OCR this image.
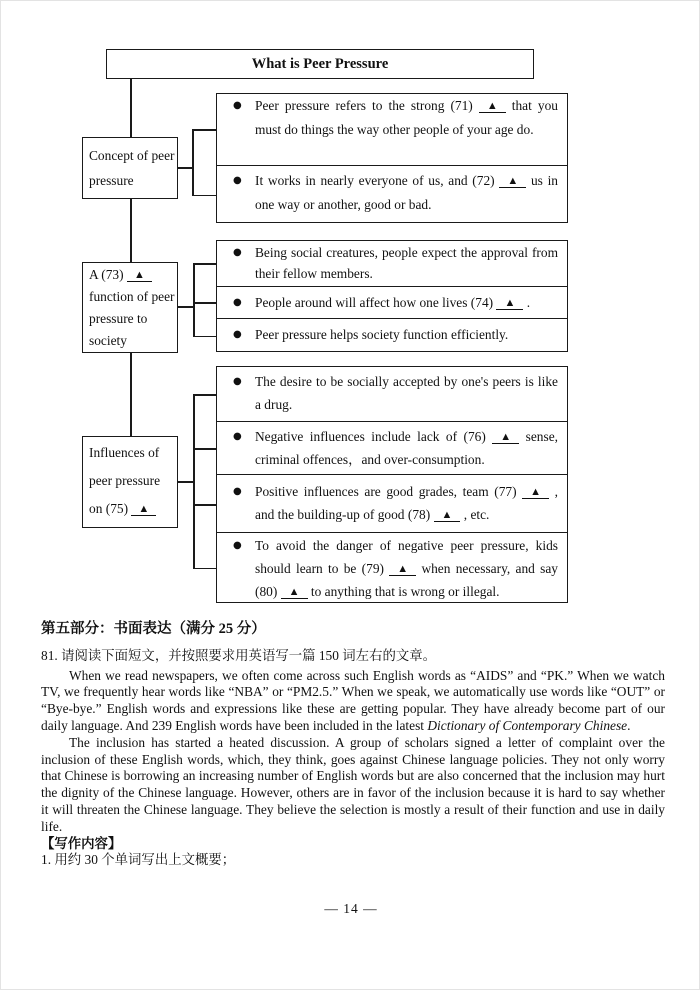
What is Peer Pressure
Concept of peer pressure
A (73) ▲ function of peer pressure to society
Influences of peer pressure on (75) ▲
● Peer pressure refers to the strong (71) ▲ that you must do things the way other people of your age do.
● It works in nearly everyone of us, and (72) ▲ us in one way or another, good or bad.
● Being social creatures, people expect the approval from their fellow members.
● People around will affect how one lives (74) ▲ .
● Peer pressure helps society function efficiently.
● The desire to be socially accepted by one's peers is like a drug.
● Negative influences include lack of (76) ▲ sense, criminal offences，and over-consumption.
● Positive influences are good grades, team (77) ▲ , and the building-up of good (78) ▲ , etc.
● To avoid the danger of negative peer pressure, kids should learn to be (79) ▲ when necessary, and say (80) ▲ to anything that is wrong or illegal.
第五部分：书面表达（满分 25 分）
81. 请阅读下面短文，并按照要求用英语写一篇 150 词左右的文章。

When we read newspapers, we often come across such English words as “AIDS” and “PK.” When we watch TV, we frequently hear words like “NBA” or “PM2.5.” When we speak, we automatically use words like “OUT” or “Bye-bye.” English words and expressions like these are getting popular. They have already become part of our daily language. And 239 English words have been included in the latest Dictionary of Contemporary Chinese.

The inclusion has started a heated discussion. A group of scholars signed a letter of complaint over the inclusion of these English words, which, they think, goes against Chinese language policies. They not only worry that Chinese is borrowing an increasing number of English words but are also concerned that the inclusion may hurt the dignity of the Chinese language. However, others are in favor of the inclusion because it is hard to say whether it will threaten the Chinese language. They believe the selection is mostly a result of their function and use in daily life.

【写作内容】
1. 用约 30 个单词写出上文概要；
— 14 —
